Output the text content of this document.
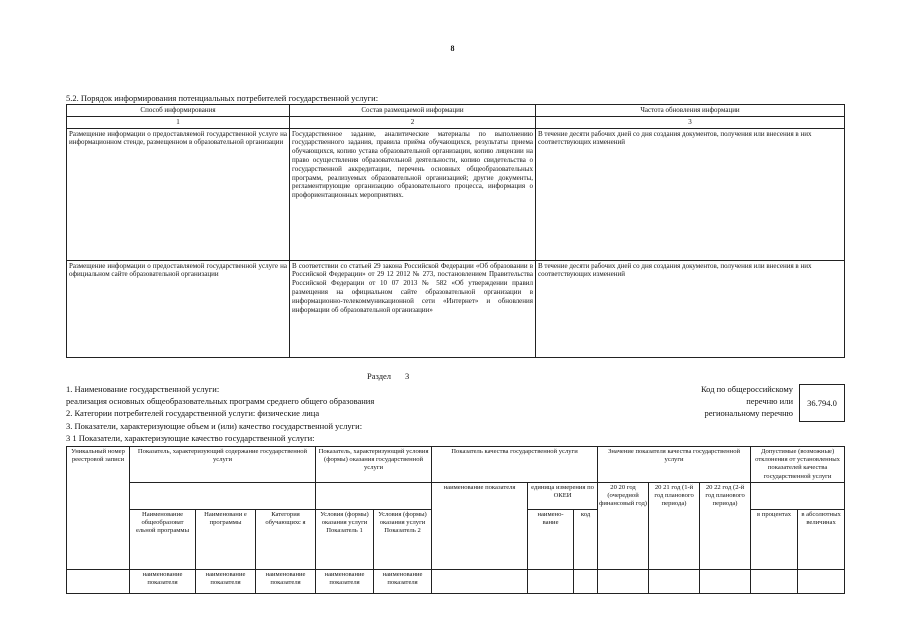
8
5.2. Порядок информирования потенциальных потребителей государственной услуги:
Способ информирования	Состав размещаемой информации	Частота обновления информации
1	2	3
Размещение информации о предоставляемой государственной услуге на информационном стенде, размещенном в образовательной организации	Государственное задание, аналитические материалы по выполнению государственного задания, правила приёма обучающихся, результаты приема обучающихся, копию устава образовательной организации, копию лицензии на право осуществления образовательной деятельности, копию свидетельства о государственной аккредитации, перечень основных общеобразовательных программ, реализуемых образовательной организацией; другие документы, регламентирующие организацию образовательного процесса, информация о профориентационных мероприятиях.	В течение десяти рабочих дней со дня создания документов, получения или внесения в них соответствующих изменений
Размещение информации о предоставляемой государственной услуге на официальном сайте образовательной организации	В соответствии со статьей 29 закона Российской Федерации «Об образовании в Российской Федерации» от 29 12 2012 № 273, постановлением Правительства Российской Федерации от 10 07 2013 № 582 «Об утверждении правил размещения на официальном сайте образовательной организации в информационно-телекоммуникационной сети «Интернет» и обновления информации об образовательной организации»	В течение десяти рабочих дней со дня создания документов, получения или внесения в них соответствующих изменений
Раздел 3
1. Наименование государственной услуги:
реализация основных общеобразовательных программ среднего общего образования
2. Категории потребителей государственной услуги: физические лица
3. Показатели, характеризующие объем и (или) качество государственной услуги:
3 1 Показатели, характеризующие качество государственной услуги:
Код по общероссийскому
перечню или
региональному перечню
36.794.0
Уникальный номер реестровой записи	Показатель, характеризующий содержание государственной услуги			Показатель, характеризующий условия (формы) оказания государственной услуги		Показатель качества государственной услуги			Значение показателя качества государственной услуги			Допустимые (возможные) отклонения от установленных показателей качества государственной услуги	
						наименование показателя	единица измерения по ОКЕИ		20 20 год (очередной финансовый год)	20 21 год (1-й год планового периода)	20 22 год (2-й год планового периода)		
	Наименование общеобразоват ельной программы	Наименовани е программы	Категория обучающихс я	Условия (формы) оказания услуги Показатель 1	Условия (формы) оказания услуги Показатель 2		наимено- вание	код				в процентах	в абсолютных величинах
	наименование показателя	наименование показателя	наименование показателя	наименование показателя	наименование показателя								
